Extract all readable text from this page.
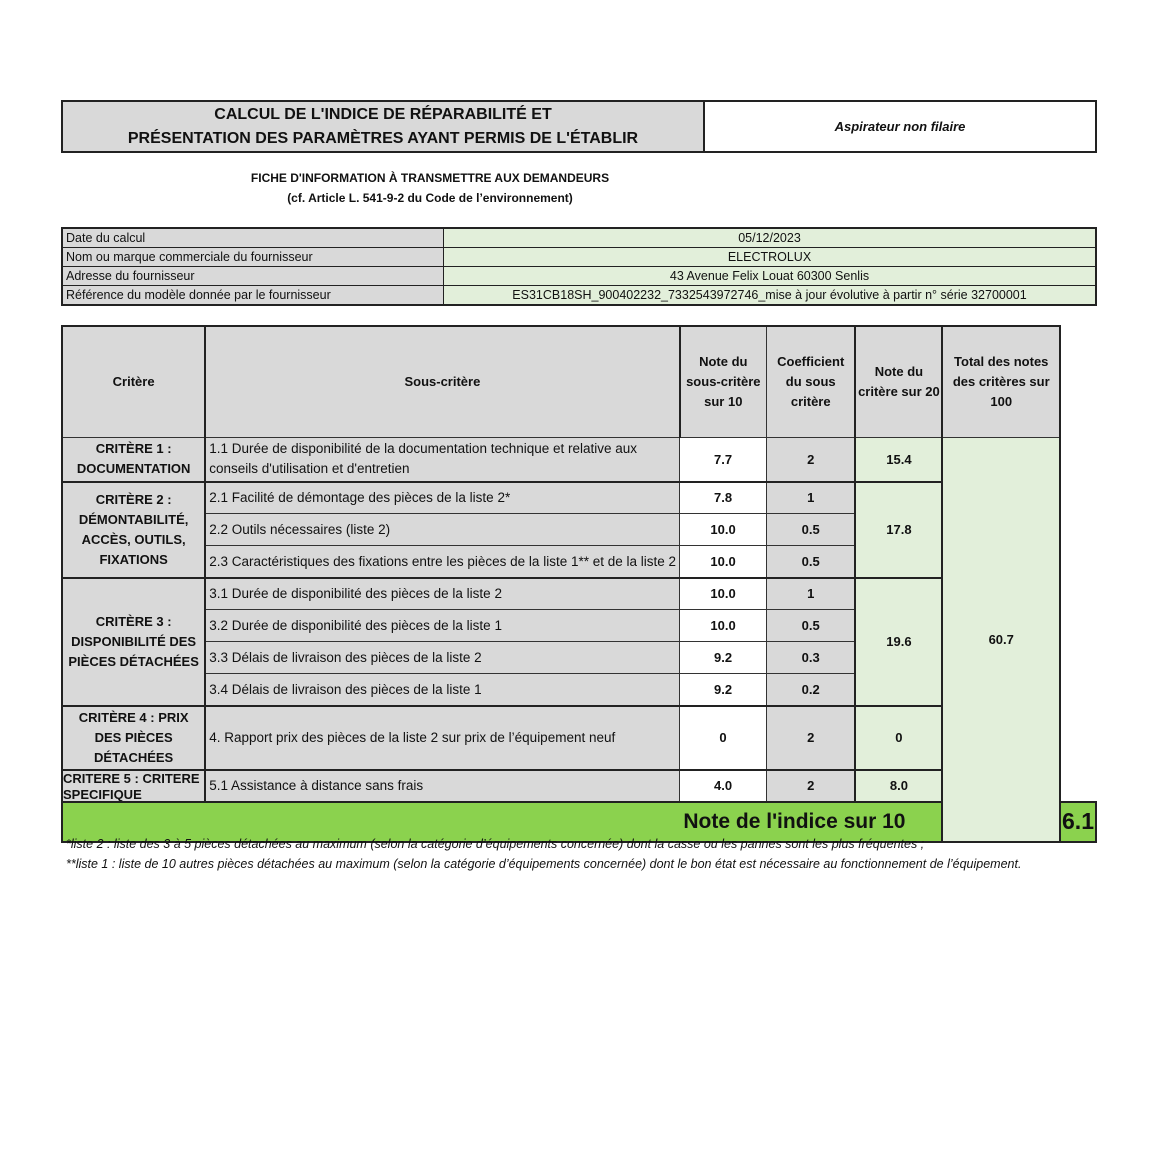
CALCUL DE L'INDICE DE RÉPARABILITÉ ET
PRÉSENTATION DES PARAMÈTRES AYANT PERMIS DE L'ÉTABLIR
	Aspirateur non filaire
FICHE D'INFORMATION À TRANSMETTRE AUX DEMANDEURS
(cf. Article L. 541-9-2 du Code de l’environnement)
Date du calcul	05/12/2023
Nom ou marque commerciale du fournisseur	ELECTROLUX
Adresse du fournisseur	43 Avenue Felix Louat 60300 Senlis
Référence du modèle donnée par le fournisseur	ES31CB18SH_900402232_7332543972746_mise à jour évolutive à partir n° série 32700001
Critère	Sous-critère	Note du sous-critère sur 10	Coefficient du sous critère	Note du critère sur 20	Total des notes des critères sur 100	
CRITÈRE 1 : DOCUMENTATION	1.1 Durée de disponibilité de la documentation technique et relative aux conseils d'utilisation et d'entretien	7.7	2	15.4	60.7	
CRITÈRE 2 : DÉMONTABILITÉ, ACCÈS, OUTILS, FIXATIONS	2.1 Facilité de démontage des pièces de la liste 2*	7.8	1	17.8		
	2.2 Outils nécessaires (liste 2)	10.0	0.5			
	2.3 Caractéristiques des fixations entre les pièces de la liste 1** et de la liste 2	10.0	0.5			
CRITÈRE 3 : DISPONIBILITÉ DES PIÈCES DÉTACHÉES	3.1 Durée de disponibilité des pièces de la liste 2	10.0	1	19.6		
	3.2 Durée de disponibilité des pièces de la liste 1	10.0	0.5			
	3.3 Délais de livraison des pièces de la liste 2	9.2	0.3			
	3.4 Délais de livraison des pièces de la liste 1	9.2	0.2			
CRITÈRE 4 : PRIX DES PIÈCES DÉTACHÉES	4. Rapport prix des pièces de la liste 2 sur prix de l’équipement neuf	0	2	0		

CRITERE 5 : CRITERE SPECIFIQUE	5.1 Assistance à distance sans frais	4.0	2	8.0		
Note de l'indice sur 10						6.1
*liste 2 : liste des 3 à 5 pièces détachées au maximum (selon la catégorie d’équipements concernée) dont la casse ou les pannes sont les plus fréquentes ;
**liste 1 : liste de 10 autres pièces détachées au maximum (selon la catégorie d’équipements concernée) dont le bon état est nécessaire au fonctionnement de l’équipement.
